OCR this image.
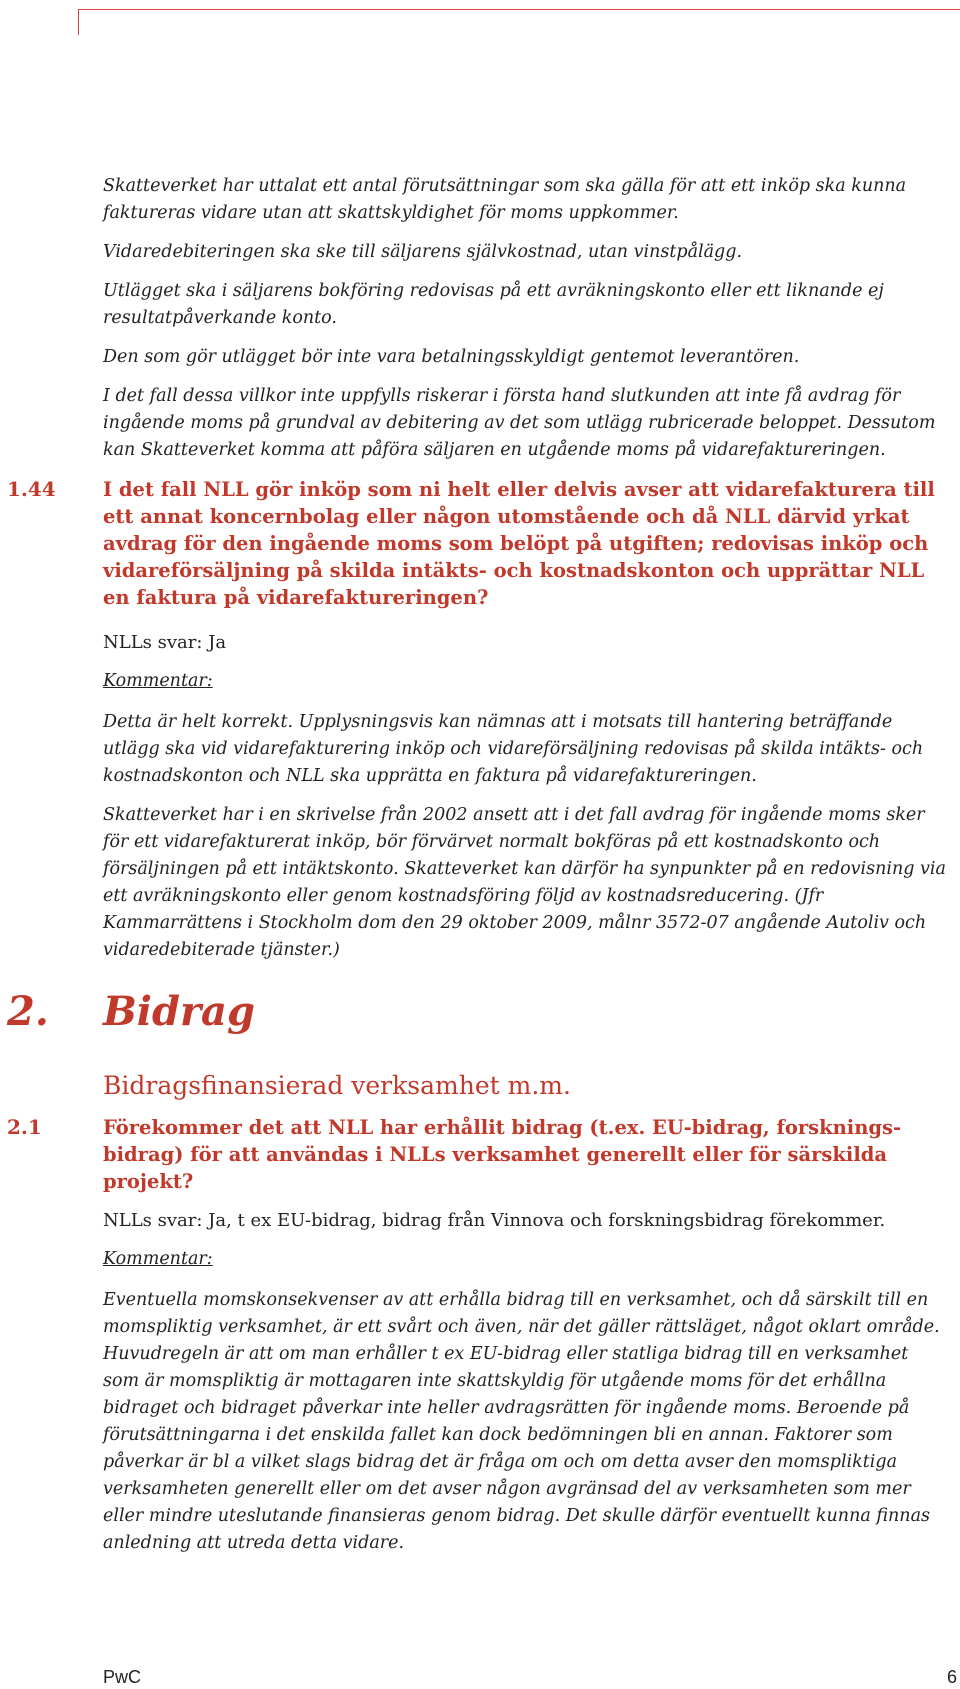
Skatteverket har uttalat ett antal förutsättningar som ska gälla för att ett inköp ska kunna faktureras vidare utan att skattskyldighet för moms uppkommer.

Vidaredebiteringen ska ske till säljarens självkostnad, utan vinstpålägg.

Utlägget ska i säljarens bokföring redovisas på ett avräkningskonto eller ett liknande ej resultatpåverkande konto.

Den som gör utlägget bör inte vara betalningsskyldigt gentemot leverantören.

I det fall dessa villkor inte uppfylls riskerar i första hand slutkunden att inte få avdrag för ingående moms på grundval av debitering av det som utlägg rubricerade beloppet. Dessutom kan Skatteverket komma att påföra säljaren en utgående moms på vidarefaktureringen.

1.44 I det fall NLL gör inköp som ni helt eller delvis avser att vidarefakturera till ett annat koncernbolag eller någon utomstående och då NLL därvid yrkat avdrag för den ingående moms som belöpt på utgiften; redovisas inköp och vidareförsäljning på skilda intäkts- och kostnadskonton och upprättar NLL en faktura på vidarefaktureringen?

NLLs svar: Ja

Kommentar:

Detta är helt korrekt. Upplysningsvis kan nämnas att i motsats till hantering beträffande utlägg ska vid vidarefakturering inköp och vidareförsäljning redovisas på skilda intäkts- och kostnadskonton och NLL ska upprätta en faktura på vidarefaktureringen.

Skatteverket har i en skrivelse från 2002 ansett att i det fall avdrag för ingående moms sker för ett vidarefakturerat inköp, bör förvärvet normalt bokföras på ett kostnadskonto och försäljningen på ett intäktskonto. Skatteverket kan därför ha synpunkter på en redovisning via ett avräkningskonto eller genom kostnadsföring följd av kostnadsreducering. (Jfr Kammarrättens i Stockholm dom den 29 oktober 2009, målnr 3572-07 angående Autoliv och vidaredebiterade tjänster.)

2. Bidrag

Bidragsfinansierad verksamhet m.m.

2.1	Förekommer det att NLL har erhållit bidrag (t.ex. EU-bidrag, forsknings-bidrag) för att användas i NLLs verksamhet generellt eller för särskilda projekt?

NLLs svar: Ja, t ex EU-bidrag, bidrag från Vinnova och forskningsbidrag förekommer.

Kommentar:

Eventuella momskonsekvenser av att erhålla bidrag till en verksamhet, och då särskilt till en momspliktig verksamhet, är ett svårt och även, när det gäller rättsläget, något oklart område. Huvudregeln är att om man erhåller t ex EU-bidrag eller statliga bidrag till en verksamhet som är momspliktig är mottagaren inte skattskyldig för utgående moms för det erhållna bidraget och bidraget påverkar inte heller avdragsrätten för ingående moms. Beroende på förutsättningarna i det enskilda fallet kan dock bedömningen bli en annan. Faktorer som påverkar är bl a vilket slags bidrag det är fråga om och om detta avser den momspliktiga verksamheten generellt eller om det avser någon avgränsad del av verksamheten som mer eller mindre uteslutande finansieras genom bidrag. Det skulle därför eventuellt kunna finnas anledning att utreda detta vidare.

PwC	6
